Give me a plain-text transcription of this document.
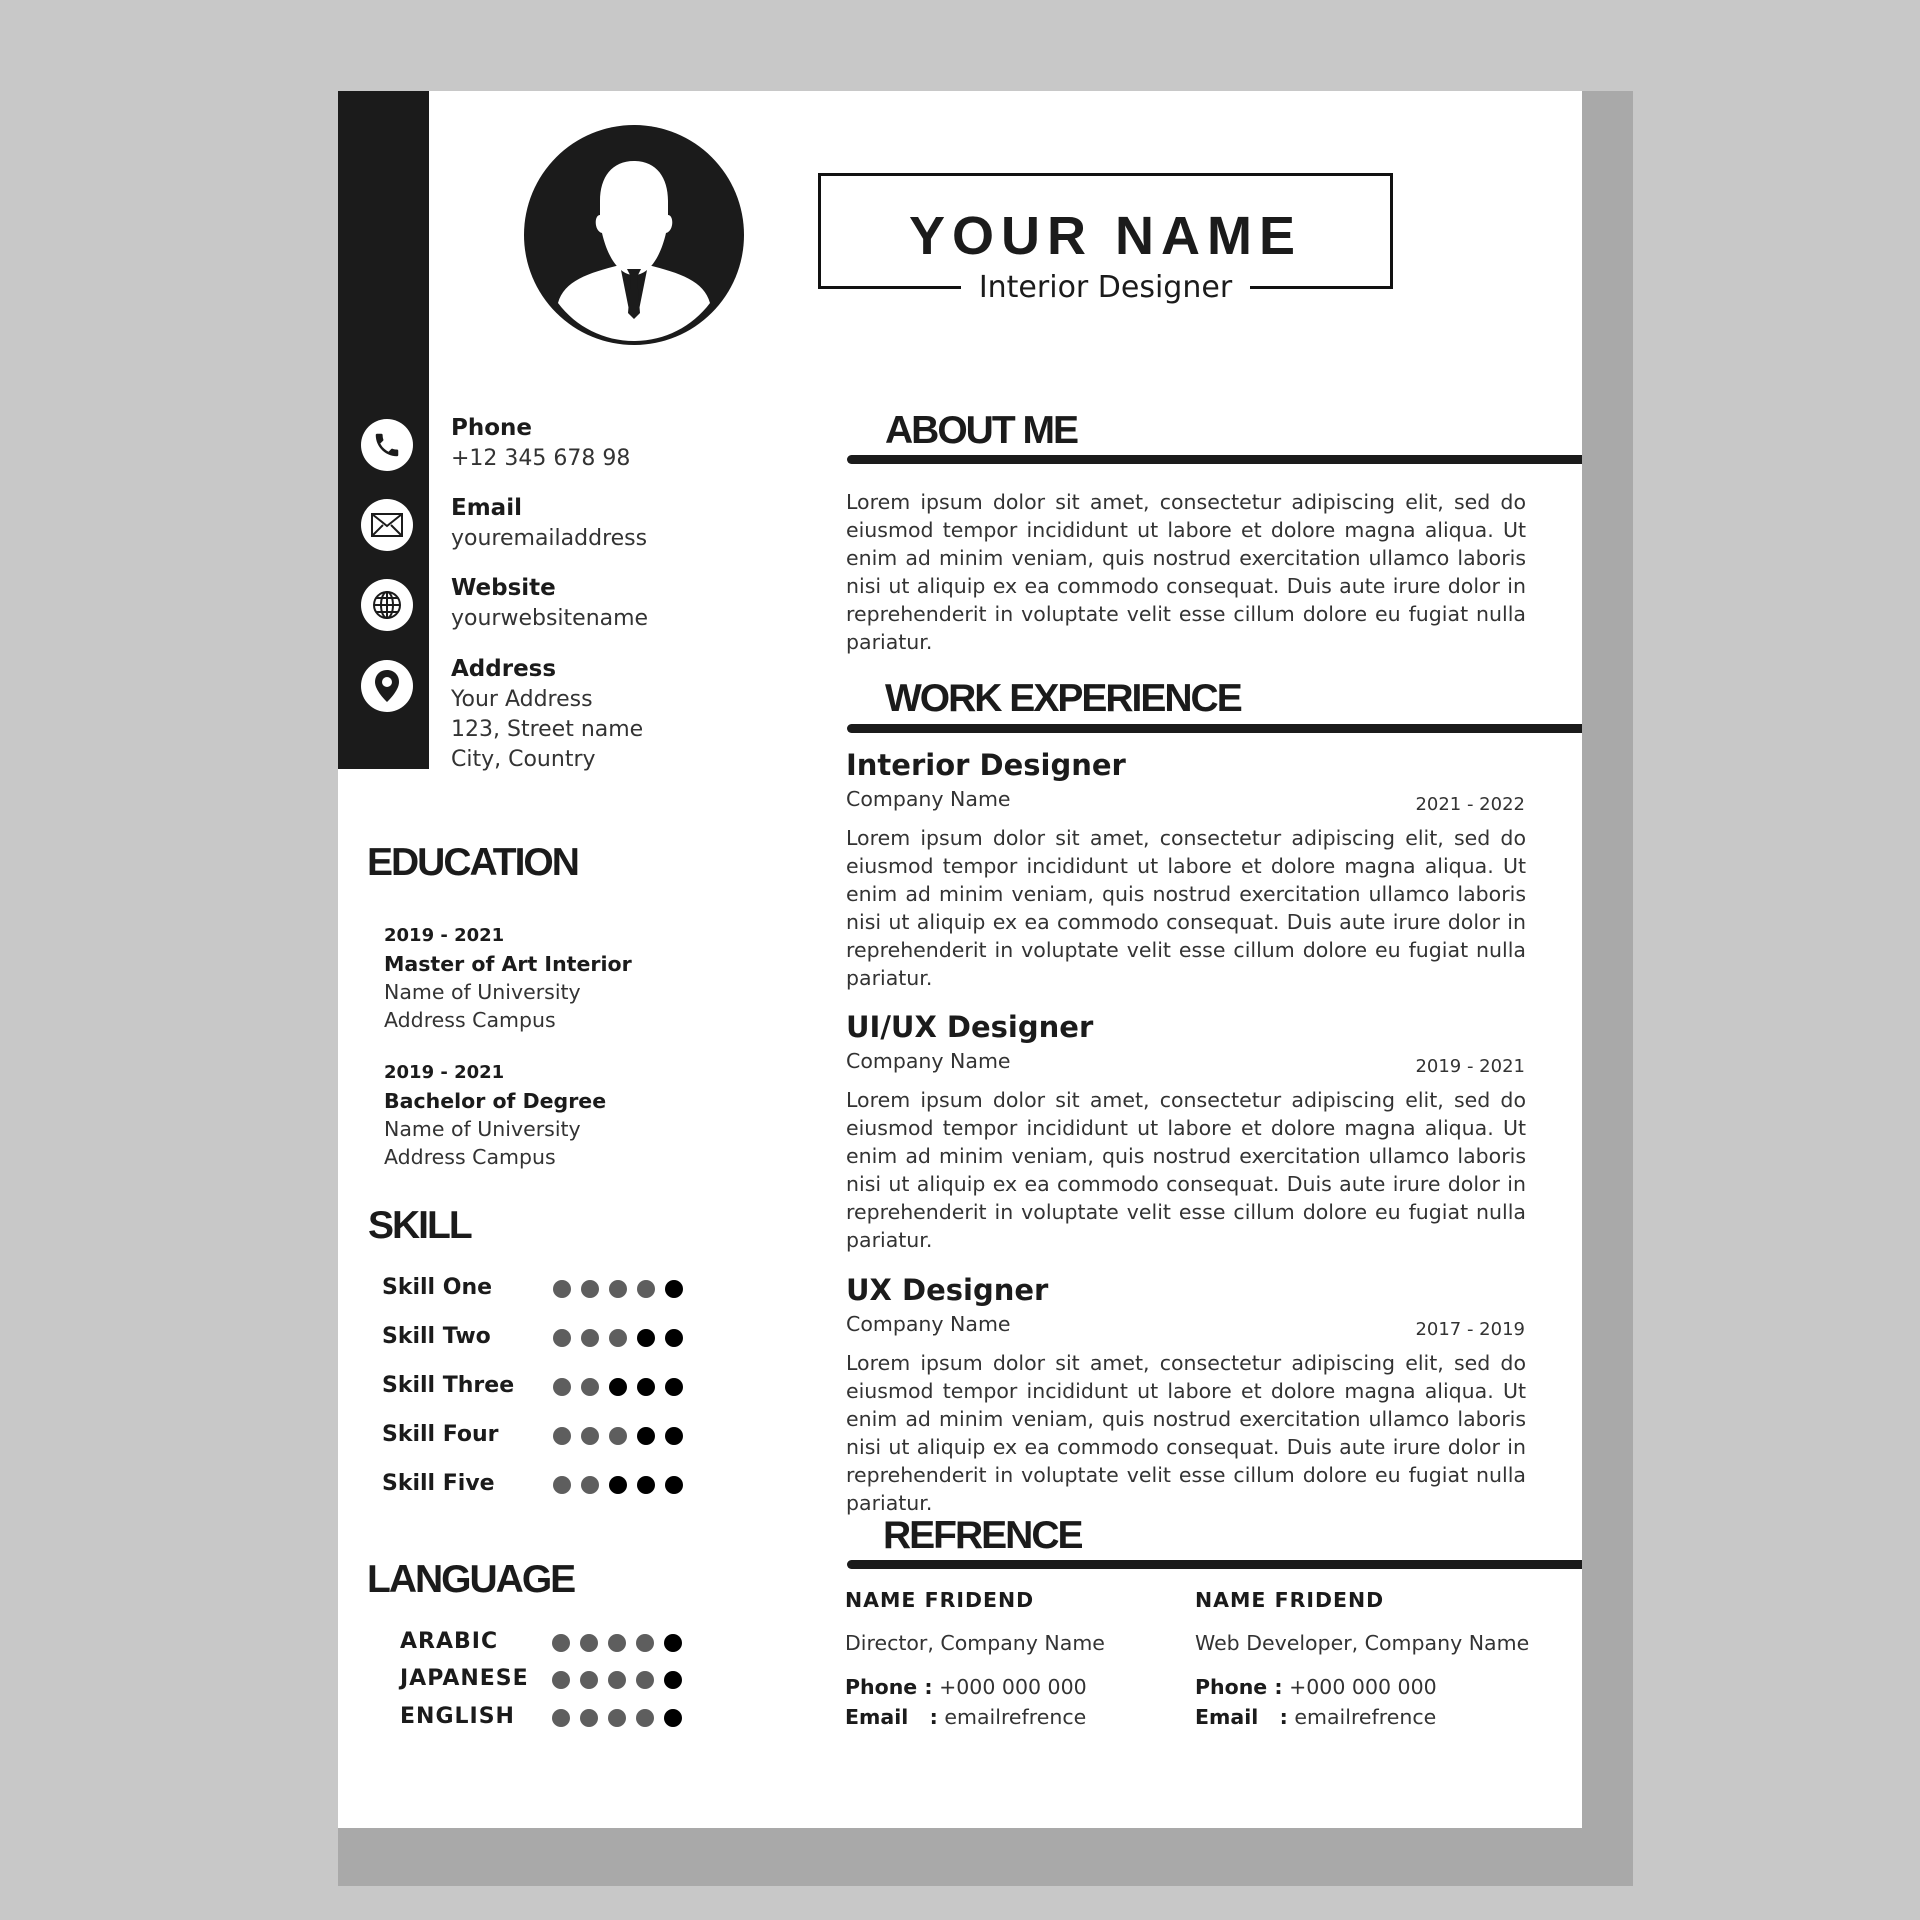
YOUR NAME
Interior Designer
Phone
+12 345 678 98
Email
youremailaddress
Website
yourwebsitename
Address
Your Address
123, Street name
City, Country
EDUCATION
2019 - 2021
Master of Art Interior
Name of University
Address Campus
2019 - 2021
Bachelor of Degree
Name of University
Address Campus
SKILL
Skill One
Skill Two
Skill Three
Skill Four
Skill Five
LANGUAGE
ARABIC
JAPANESE
ENGLISH
ABOUT ME
Lorem ipsum dolor sit amet, consectetur adipiscing elit, sed do eiusmod tempor incididunt ut labore et dolore magna aliqua. Ut enim ad minim veniam, quis nostrud exercitation ullamco laboris nisi ut aliquip ex ea commodo consequat. Duis aute irure dolor in reprehenderit in voluptate velit esse cillum dolore eu fugiat nulla pariatur.
WORK EXPERIENCE
Interior Designer
Company Name	2021 - 2022
Lorem ipsum dolor sit amet, consectetur adipiscing elit, sed do eiusmod tempor incididunt ut labore et dolore magna aliqua. Ut enim ad minim veniam, quis nostrud exercitation ullamco laboris nisi ut aliquip ex ea commodo consequat. Duis aute irure dolor in reprehenderit in voluptate velit esse cillum dolore eu fugiat nulla pariatur.
UI/UX Designer
Company Name	2019 - 2021
Lorem ipsum dolor sit amet, consectetur adipiscing elit, sed do eiusmod tempor incididunt ut labore et dolore magna aliqua. Ut enim ad minim veniam, quis nostrud exercitation ullamco laboris nisi ut aliquip ex ea commodo consequat. Duis aute irure dolor in reprehenderit in voluptate velit esse cillum dolore eu fugiat nulla pariatur.
UX Designer
Company Name	2017 - 2019
Lorem ipsum dolor sit amet, consectetur adipiscing elit, sed do eiusmod tempor incididunt ut labore et dolore magna aliqua. Ut enim ad minim veniam, quis nostrud exercitation ullamco laboris nisi ut aliquip ex ea commodo consequat. Duis aute irure dolor in reprehenderit in voluptate velit esse cillum dolore eu fugiat nulla pariatur.
REFRENCE
NAME FRIDEND
Director, Company Name
Phone : +000 000 000
Email   : emailrefrence
NAME FRIDEND
Web Developer, Company Name
Phone : +000 000 000
Email   : emailrefrence
